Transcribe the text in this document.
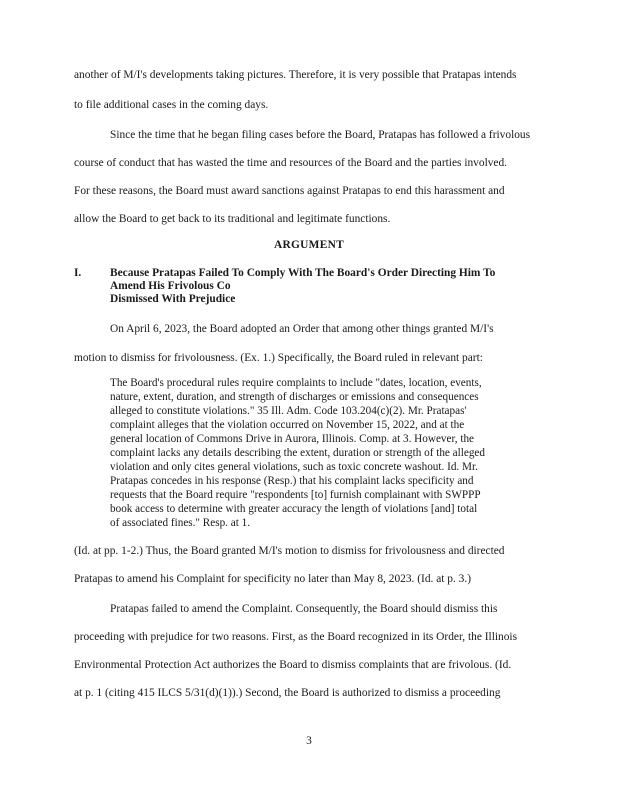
another of M/I's developments taking pictures. Therefore, it is very possible that Pratapas intends
to file additional cases in the coming days.
Since the time that he began filing cases before the Board, Pratapas has followed a frivolous
course of conduct that has wasted the time and resources of the Board and the parties involved.
For these reasons, the Board must award sanctions against Pratapas to end this harassment and
allow the Board to get back to its traditional and legitimate functions.
ARGUMENT
I.	Because Pratapas Failed To Comply With The Board's Order Directing Him To
Amend His Frivolous Co
Dismissed With Prejudice
On April 6, 2023, the Board adopted an Order that among other things granted M/I's
motion to dismiss for frivolousness. (Ex. 1.) Specifically, the Board ruled in relevant part:
The Board's procedural rules require complaints to include "dates, location, events,
nature, extent, duration, and strength of discharges or emissions and consequences
alleged to constitute violations." 35 Ill. Adm. Code 103.204(c)(2). Mr. Pratapas'
complaint alleges that the violation occurred on November 15, 2022, and at the
general location of Commons Drive in Aurora, Illinois. Comp. at 3. However, the
complaint lacks any details describing the extent, duration or strength of the alleged
violation and only cites general violations, such as toxic concrete washout. Id. Mr.
Pratapas concedes in his response (Resp.) that his complaint lacks specificity and
requests that the Board require "respondents [to] furnish complainant with SWPPP
book access to determine with greater accuracy the length of violations [and] total
of associated fines." Resp. at 1.
(Id. at pp. 1-2.) Thus, the Board granted M/I's motion to dismiss for frivolousness and directed
Pratapas to amend his Complaint for specificity no later than May 8, 2023. (Id. at p. 3.)
Pratapas failed to amend the Complaint. Consequently, the Board should dismiss this
proceeding with prejudice for two reasons. First, as the Board recognized in its Order, the Illinois
Environmental Protection Act authorizes the Board to dismiss complaints that are frivolous. (Id.
at p. 1 (citing 415 ILCS 5/31(d)(1)).) Second, the Board is authorized to dismiss a proceeding
3
